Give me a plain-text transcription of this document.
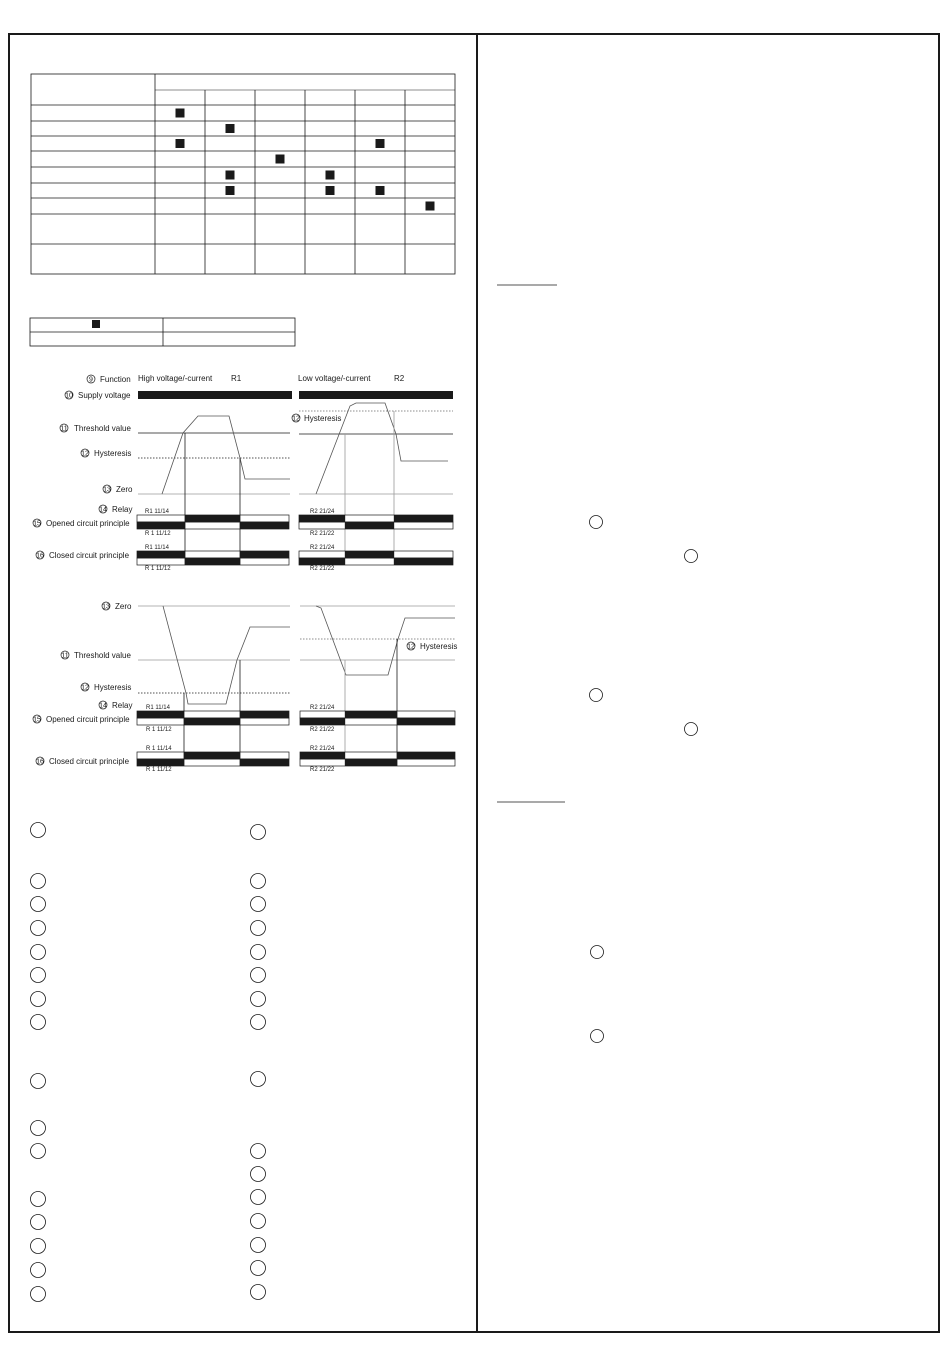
9 Function
10 Supply voltage
11 Threshold value
12 Hysteresis
13 Zero
14 Relay
15 Opened circuit principle
16 Closed circuit principle
High voltage/-current R1	Low voltage/-current	R2
12 Hysteresis
R1 11/14
R 1 11/12
R1 11/14
R 1 11/12
R2 21/24
R2 21/22
R2 21/24
R2 21/22
13 Zero
11 Threshold value
12 Hysteresis
14 Relay
15 Opened circuit principle
16 Closed circuit principle
12 Hysteresis
R1 11/14
R 1 11/12
R 1 11/14
R 1 11/12
R2 21/24
R2 21/22
R2 21/24
R2 21/22
